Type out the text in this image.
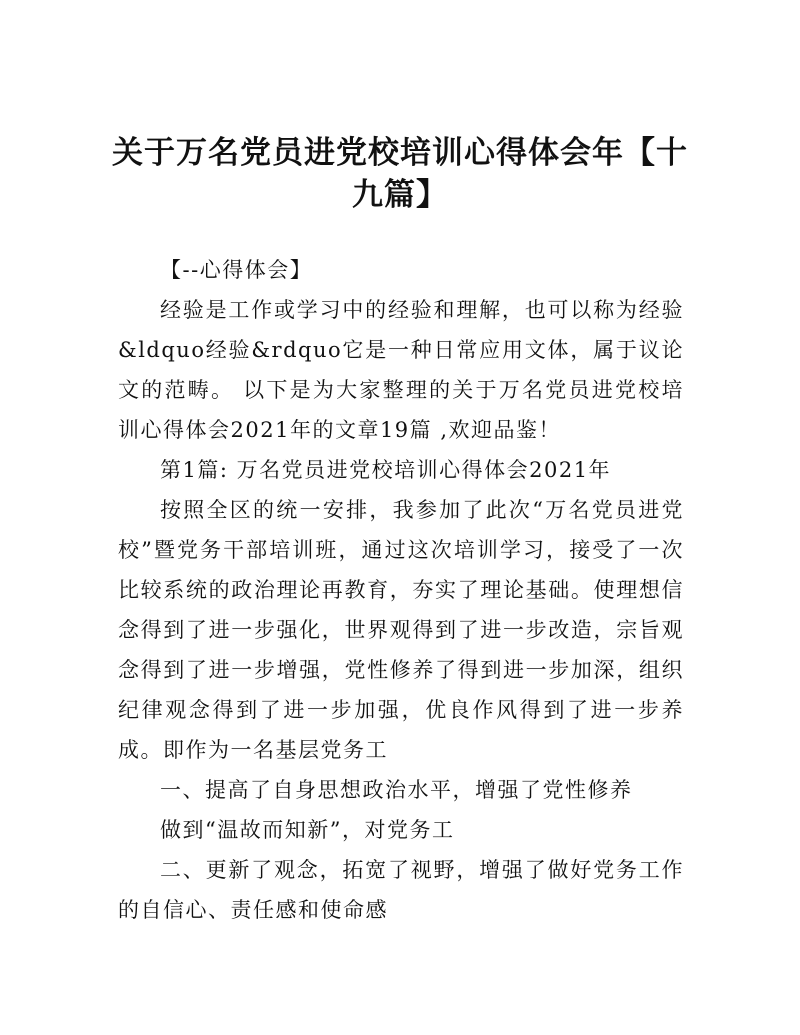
关于万名党员进党校培训心得体会年【十九篇】

【--心得体会】

经验是工作或学习中的经验和理解，也可以称为经验&ldquo经验&rdquo它是一种日常应用文体，属于议论文的范畴。 以下是为大家整理的关于万名党员进党校培训心得体会2021年的文章19篇 ,欢迎品鉴！

第1篇: 万名党员进党校培训心得体会2021年

按照全区的统一安排，我参加了此次“万名党员进党校”暨党务干部培训班，通过这次培训学习，接受了一次比较系统的政治理论再教育，夯实了理论基础。使理想信念得到了进一步强化，世界观得到了进一步改造，宗旨观念得到了进一步增强，党性修养了得到进一步加深，组织纪律观念得到了进一步加强，优良作风得到了进一步养成。即作为一名基层党务工

一、提高了自身思想政治水平，增强了党性修养

做到“温故而知新”，对党务工

二、更新了观念，拓宽了视野，增强了做好党务工作的自信心、责任感和使命感
